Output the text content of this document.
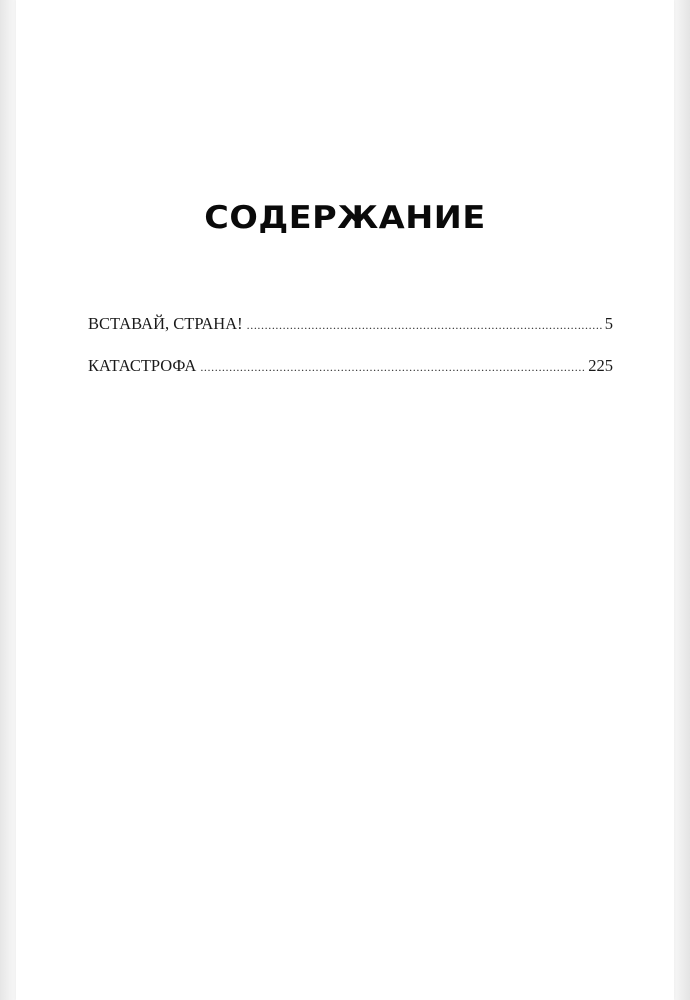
СОДЕРЖАНИЕ
ВСТАВАЙ, СТРАНА! .....	5
КАТАСТРОФА .....	225
